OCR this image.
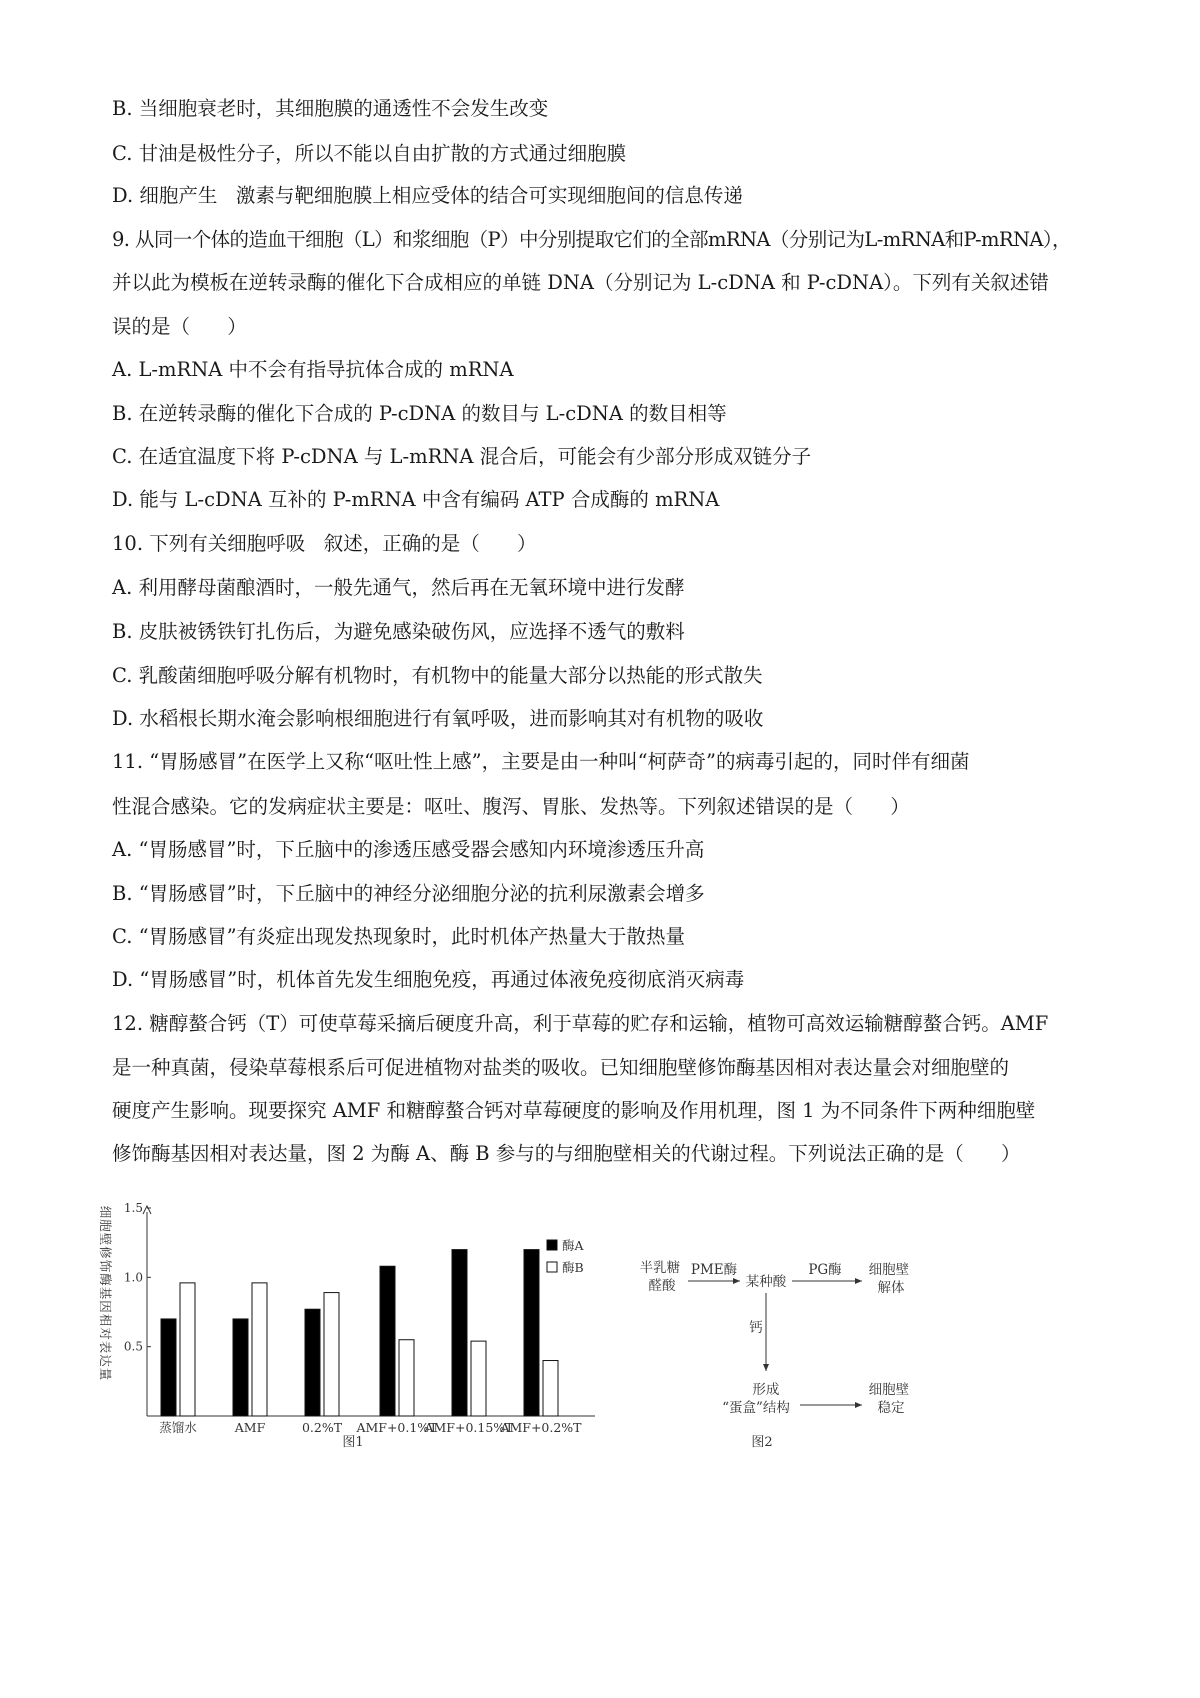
B. 当细胞衰老时，其细胞膜的通透性不会发生改变
C. 甘油是极性分子，所以不能以自由扩散的方式通过细胞膜
D. 细胞产生   激素与靶细胞膜上相应受体的结合可实现细胞间的信息传递
9. 从同一个体的造血干细胞（L）和浆细胞（P）中分别提取它们的全部mRNA（分别记为L-mRNA和P-mRNA），
并以此为模板在逆转录酶的催化下合成相应的单链 DNA（分别记为 L-cDNA 和 P-cDNA）。下列有关叙述错
误的是（      ）
A. L-mRNA 中不会有指导抗体合成的 mRNA
B. 在逆转录酶的催化下合成的 P-cDNA 的数目与 L-cDNA 的数目相等
C. 在适宜温度下将 P-cDNA 与 L-mRNA 混合后，可能会有少部分形成双链分子
D. 能与 L-cDNA 互补的 P-mRNA 中含有编码 ATP 合成酶的 mRNA
10. 下列有关细胞呼吸   叙述，正确的是（      ）
A. 利用酵母菌酿酒时，一般先通气，然后再在无氧环境中进行发酵
B. 皮肤被锈铁钉扎伤后，为避免感染破伤风，应选择不透气的敷料
C. 乳酸菌细胞呼吸分解有机物时，有机物中的能量大部分以热能的形式散失
D. 水稻根长期水淹会影响根细胞进行有氧呼吸，进而影响其对有机物的吸收
11. “胃肠感冒”在医学上又称“呕吐性上感”，主要是由一种叫“柯萨奇”的病毒引起的，同时伴有细菌
性混合感染。它的发病症状主要是：呕吐、腹泻、胃胀、发热等。下列叙述错误的是（      ）
A. “胃肠感冒”时，下丘脑中的渗透压感受器会感知内环境渗透压升高
B. “胃肠感冒”时，下丘脑中的神经分泌细胞分泌的抗利尿激素会增多
C. “胃肠感冒”有炎症出现发热现象时，此时机体产热量大于散热量
D. “胃肠感冒”时，机体首先发生细胞免疫，再通过体液免疫彻底消灭病毒
12. 糖醇螯合钙（T）可使草莓采摘后硬度升高，利于草莓的贮存和运输，植物可高效运输糖醇螯合钙。AMF
是一种真菌，侵染草莓根系后可促进植物对盐类的吸收。已知细胞壁修饰酶基因相对表达量会对细胞壁的
硬度产生影响。现要探究 AMF 和糖醇螯合钙对草莓硬度的影响及作用机理，图 1 为不同条件下两种细胞壁
修饰酶基因相对表达量，图 2 为酶 A、酶 B 参与的与细胞壁相关的代谢过程。下列说法正确的是（      ）
0.5
1.0
1.5
细
胞
壁
修
饰
酶
基
因
相
对
表
达
量
蒸馏水	AMF	0.2%T AMF+0.1%T
AMF+0.15%T
AMF+0.2%T
酶A
酶B
图1
半乳糖 醛酸
PME酶
某种酸
PG酶 细胞壁 解体
钙
形成 “蛋盒”结构
细胞壁 稳定
图2
